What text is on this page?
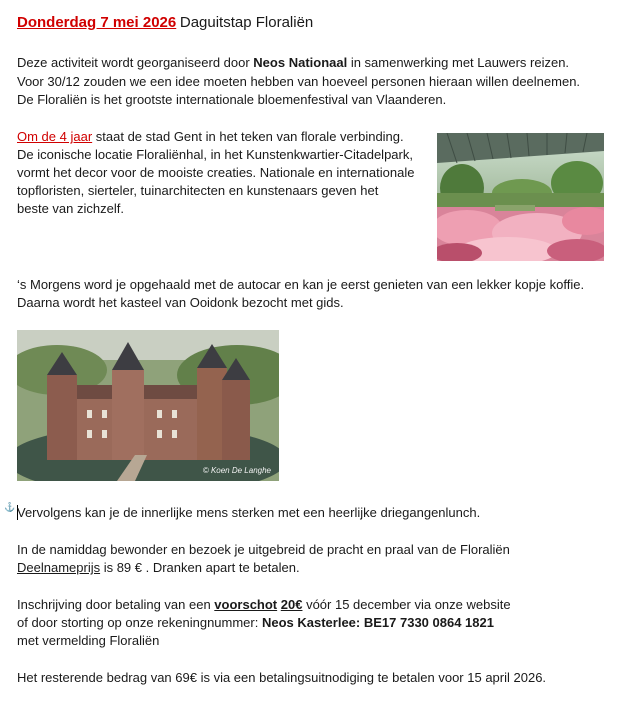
Donderdag 7 mei 2026 Daguitstap Floraliën
Deze activiteit wordt georganiseerd door Neos Nationaal in samenwerking met Lauwers reizen.
Voor 30/12 zouden we een idee moeten hebben van hoeveel personen hieraan willen deelnemen.
De Floraliën is het grootste internationale bloemenfestival van Vlaanderen.
Om de 4 jaar staat de stad Gent in het teken van florale verbinding.
De iconische locatie Floraliënhal, in het Kunstenkwartier-Citadelpark,
vormt het decor voor de mooiste creaties. Nationale en internationale
topfloristen, sierteler, tuinarchitecten en kunstenaars geven het
beste van zichzelf.
‘s Morgens word je opgehaald met de autocar en kan je eerst genieten van een lekker kopje koffie.
Daarna wordt het kasteel van Ooidonk bezocht met gids.
© Koen De Langhe
⚓ Vervolgens kan je de innerlijke mens sterken met een heerlijke driegangenlunch.
In de namiddag bewonder en bezoek je uitgebreid de pracht en praal van de Floraliën
Deelnameprijs is 89 € . Dranken apart te betalen.
Inschrijving door betaling van een voorschot 20€ vóór 15 december via onze website
of door storting op onze rekeningnummer: Neos Kasterlee: BE17 7330 0864 1821
met vermelding Floraliën
Het resterende bedrag van 69€ is via een betalingsuitnodiging te betalen voor 15 april 2026.
